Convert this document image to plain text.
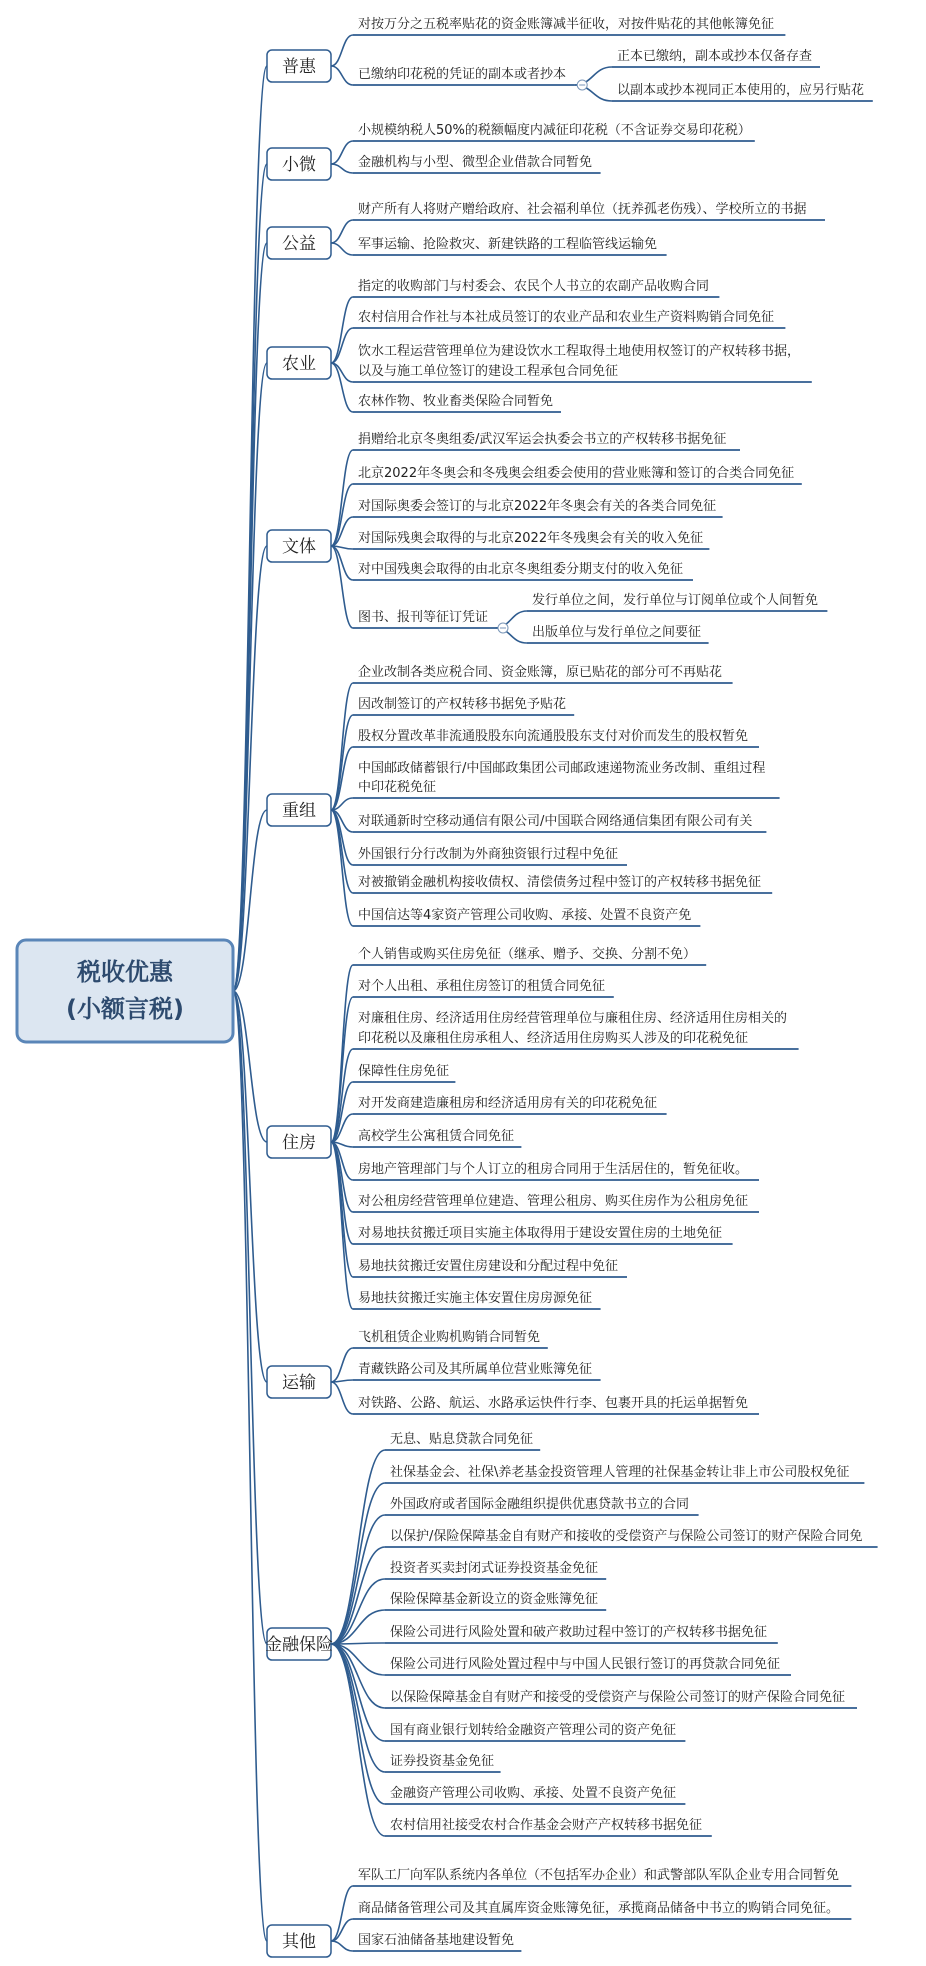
税收优惠
(小额言税)
普惠
对按万分之五税率贴花的资金账簿减半征收，对按件贴花的其他帐簿免征
已缴纳印花税的凭证的副本或者抄本
正本已缴纳，副本或抄本仅备存查
以副本或抄本视同正本使用的，应另行贴花
小微
小规模纳税人50%的税额幅度内减征印花税（不含证券交易印花税）
金融机构与小型、微型企业借款合同暂免
公益
财产所有人将财产赠给政府、社会福利单位（抚养孤老伤残）、学校所立的书据
军事运输、抢险救灾、新建铁路的工程临管线运输免
农业
指定的收购部门与村委会、农民个人书立的农副产品收购合同
农村信用合作社与本社成员签订的农业产品和农业生产资料购销合同免征
饮水工程运营管理单位为建设饮水工程取得土地使用权签订的产权转移书据，
以及与施工单位签订的建设工程承包合同免征
农林作物、牧业畜类保险合同暂免
文体
捐赠给北京冬奥组委/武汉军运会执委会书立的产权转移书据免征
北京2022年冬奥会和冬残奥会组委会使用的营业账簿和签订的合类合同免征
对国际奥委会签订的与北京2022年冬奥会有关的各类合同免征
对国际残奥会取得的与北京2022年冬残奥会有关的收入免征
对中国残奥会取得的由北京冬奥组委分期支付的收入免征
图书、报刊等征订凭证
发行单位之间，发行单位与订阅单位或个人间暂免
出版单位与发行单位之间要征
重组
企业改制各类应税合同、资金账簿，原已贴花的部分可不再贴花
因改制签订的产权转移书据免予贴花
股权分置改革非流通股股东向流通股股东支付对价而发生的股权暂免
中国邮政储蓄银行/中国邮政集团公司邮政速递物流业务改制、重组过程
中印花税免征
对联通新时空移动通信有限公司/中国联合网络通信集团有限公司有关
外国银行分行改制为外商独资银行过程中免征
对被撤销金融机构接收债权、清偿债务过程中签订的产权转移书据免征
中国信达等4家资产管理公司收购、承接、处置不良资产免
住房
个人销售或购买住房免征（继承、赠予、交换、分割不免）
对个人出租、承租住房签订的租赁合同免征
对廉租住房、经济适用住房经营管理单位与廉租住房、经济适用住房相关的
印花税以及廉租住房承租人、经济适用住房购买人涉及的印花税免征
保障性住房免征
对开发商建造廉租房和经济适用房有关的印花税免征
高校学生公寓租赁合同免征
房地产管理部门与个人订立的租房合同用于生活居住的，暂免征收。
对公租房经营管理单位建造、管理公租房、购买住房作为公租房免征
对易地扶贫搬迁项目实施主体取得用于建设安置住房的土地免征
易地扶贫搬迁安置住房建设和分配过程中免征
易地扶贫搬迁实施主体安置住房房源免征
运输
飞机租赁企业购机购销合同暂免
青藏铁路公司及其所属单位营业账簿免征
对铁路、公路、航运、水路承运快件行李、包裹开具的托运单据暂免
金融保险
无息、贴息贷款合同免征
社保基金会、社保\养老基金投资管理人管理的社保基金转让非上市公司股权免征
外国政府或者国际金融组织提供优惠贷款书立的合同
以保护/保险保障基金自有财产和接收的受偿资产与保险公司签订的财产保险合同免
投资者买卖封闭式证券投资基金免征
保险保障基金新设立的资金账簿免征
保险公司进行风险处置和破产救助过程中签订的产权转移书据免征
保险公司进行风险处置过程中与中国人民银行签订的再贷款合同免征
以保险保障基金自有财产和接受的受偿资产与保险公司签订的财产保险合同免征
国有商业银行划转给金融资产管理公司的资产免征
证券投资基金免征
金融资产管理公司收购、承接、处置不良资产免征
农村信用社接受农村合作基金会财产产权转移书据免征
其他
军队工厂向军队系统内各单位（不包括军办企业）和武警部队军队企业专用合同暂免
商品储备管理公司及其直属库资金账簿免征，承揽商品储备中书立的购销合同免征。
国家石油储备基地建设暂免
